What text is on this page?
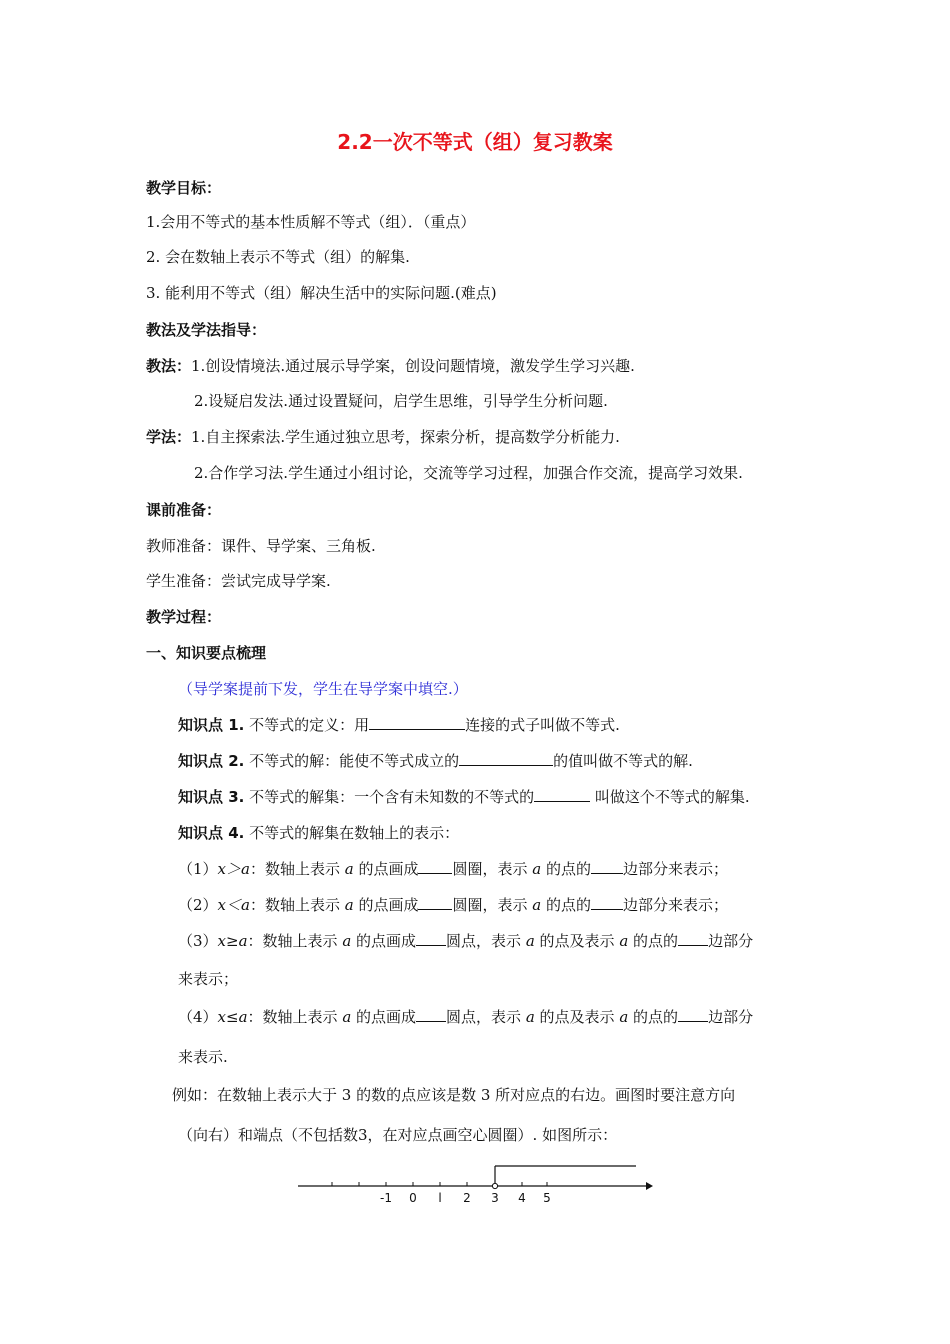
2.2一次不等式（组）复习教案
教学目标：
1.会用不等式的基本性质解不等式（组）．（重点）
2. 会在数轴上表示不等式（组）的解集.
3. 能利用不等式（组）解决生活中的实际问题.(难点)
教法及学法指导：
教法：1.创设情境法.通过展示导学案，创设问题情境，激发学生学习兴趣.
2.设疑启发法.通过设置疑问，启学生思维，引导学生分析问题.
学法：1.自主探索法.学生通过独立思考，探索分析，提高数学分析能力.
2.合作学习法.学生通过小组讨论，交流等学习过程，加强合作交流，提高学习效果.
课前准备：
教师准备：课件、导学案、三角板.
学生准备：尝试完成导学案.
教学过程：
一、知识要点梳理
（导学案提前下发，学生在导学案中填空.）
知识点 1. 不等式的定义：用	连接的式子叫做不等式.
知识点 2. 不等式的解：能使不等式成立的	的值叫做不等式的解.
知识点 3. 不等式的解集：一个含有未知数的不等式的	叫做这个不等式的解集.
知识点 4. 不等式的解集在数轴上的表示：
（1）x＞a：数轴上表示 a 的点画成 圆圈，表示 a 的点的 边部分来表示；
（2）x＜a：数轴上表示 a 的点画成 圆圈，表示 a 的点的 边部分来表示；
（3）x≥a：数轴上表示 a 的点画成 圆点，表示 a 的点及表示 a 的点的 边部分
来表示；
（4）x≤a：数轴上表示 a 的点画成 圆点，表示 a 的点及表示 a 的点的 边部分
来表示.
例如：在数轴上表示大于 3 的数的点应该是数 3 所对应点的右边。画图时要注意方向
（向右）和端点（不包括数3，在对应点画空心圆圈）. 如图所示：
-1 0 l 2 3 4 5
